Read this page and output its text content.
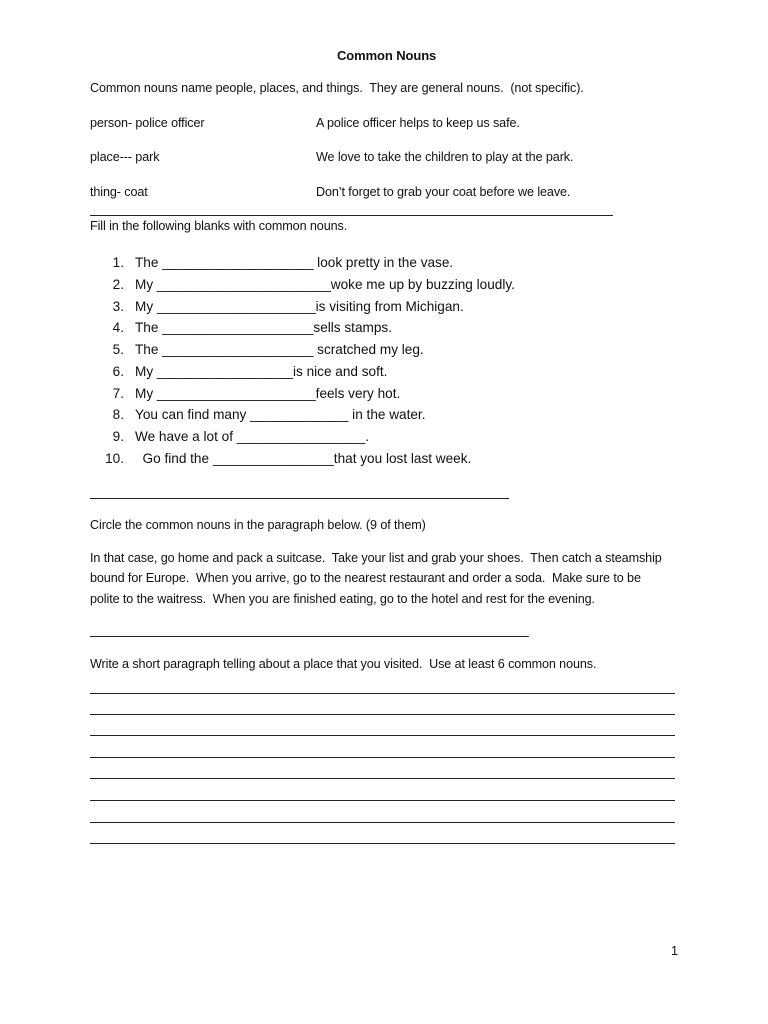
Common Nouns
Common nouns name people, places, and things.  They are general nouns.  (not specific).
person- police officer	A police officer helps to keep us safe.
place--- park	We love to take the children to play at the park.
thing- coat	Don’t forget to grab your coat before we leave.
Fill in the following blanks with common nouns.
1. The ____________________ look pretty in the vase.
2. My _______________________woke me up by buzzing loudly.
3. My _____________________is visiting from Michigan.
4. The ____________________sells stamps.
5. The ____________________ scratched my leg.
6. My __________________is nice and soft.
7. My _____________________feels very hot.
8. You can find many _____________ in the water.
9. We have a lot of _________________.
10. Go find the ________________that you lost last week.
Circle the common nouns in the paragraph below. (9 of them)
In that case, go home and pack a suitcase.  Take your list and grab your shoes.  Then catch a steamship
bound for Europe.  When you arrive, go to the nearest restaurant and order a soda.  Make sure to be
polite to the waitress.  When you are finished eating, go to the hotel and rest for the evening.
Write a short paragraph telling about a place that you visited.  Use at least 6 common nouns.
1
